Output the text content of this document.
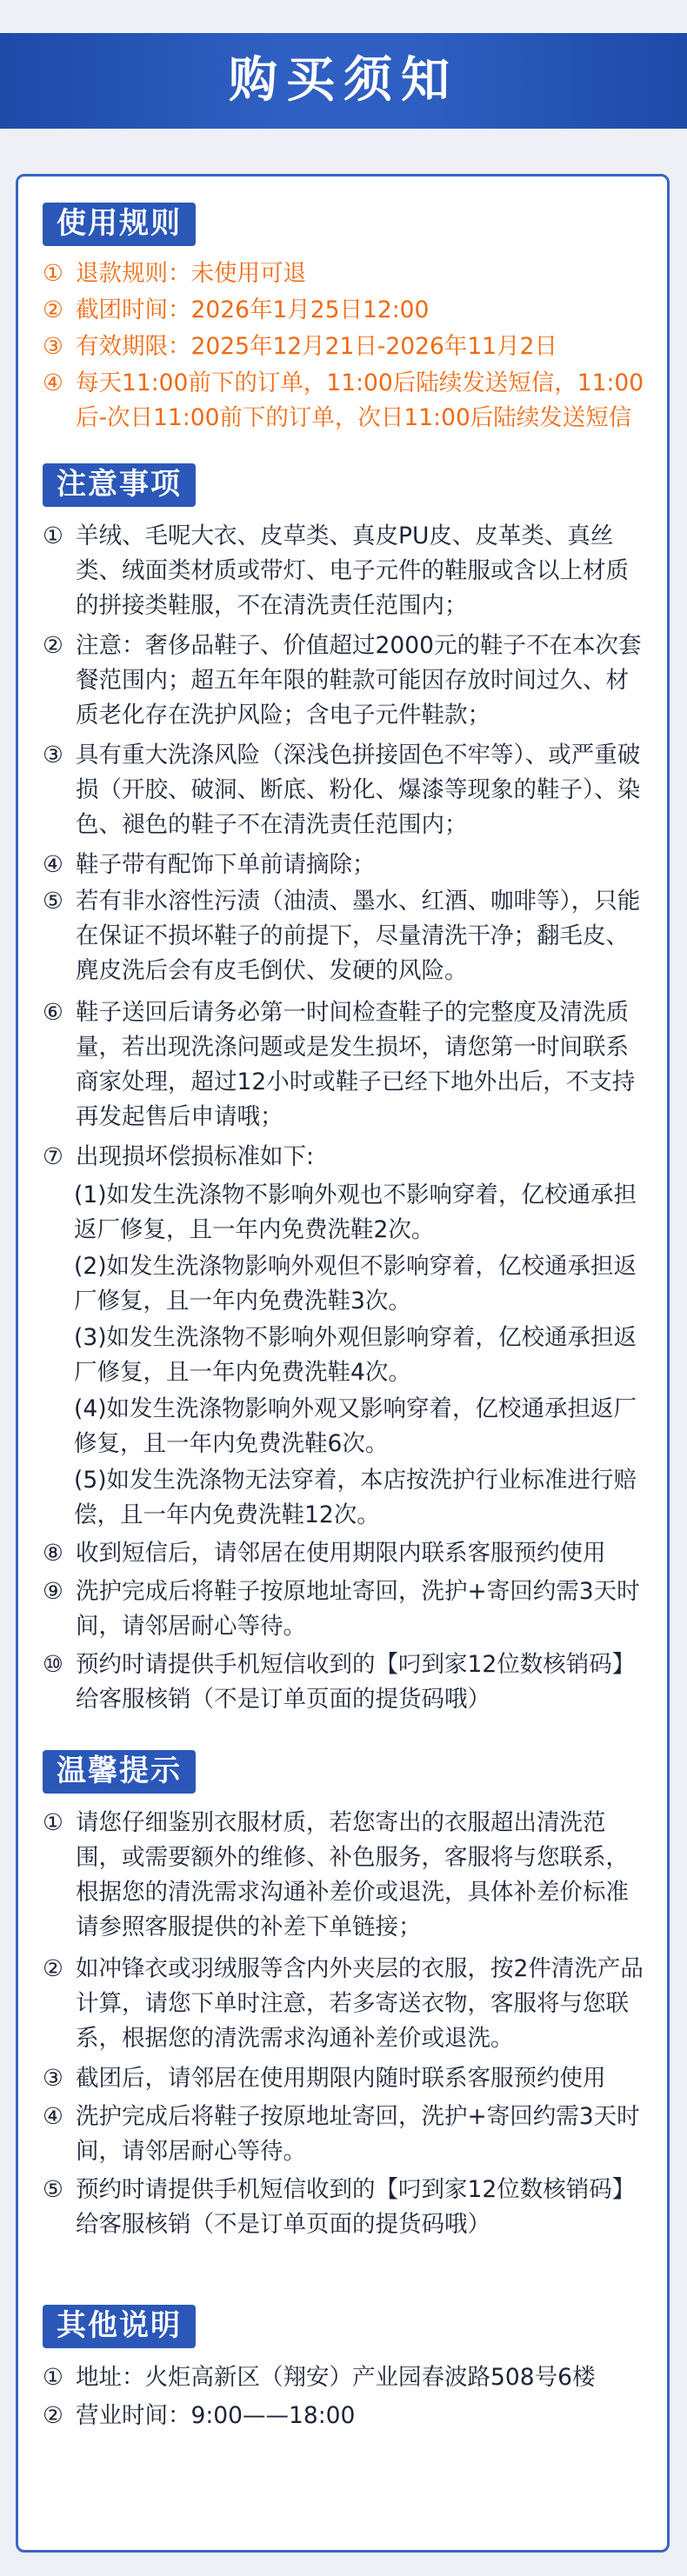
购买须知
使用规则
① 退款规则：未使用可退
② 截团时间：2026年1月25日12:00
③ 有效期限：2025年12月21日-2026年11月2日
④ 每天11:00前下的订单，11:00后陆续发送短信，11:00后-次日11:00前下的订单，次日11:00后陆续发送短信
注意事项
① 羊绒、毛呢大衣、皮草类、真皮PU皮、皮革类、真丝类、绒面类材质或带灯、电子元件的鞋服或含以上材质的拼接类鞋服，不在清洗责任范围内；
② 注意：奢侈品鞋子、价值超过2000元的鞋子不在本次套餐范围内；超五年年限的鞋款可能因存放时间过久、材质老化存在洗护风险；含电子元件鞋款；
③ 具有重大洗涤风险（深浅色拼接固色不牢等）、或严重破损（开胶、破洞、断底、粉化、爆漆等现象的鞋子）、染色、褪色的鞋子不在清洗责任范围内；
④ 鞋子带有配饰下单前请摘除；
⑤ 若有非水溶性污渍（油渍、墨水、红酒、咖啡等），只能在保证不损坏鞋子的前提下，尽量清洗干净；翻毛皮、麂皮洗后会有皮毛倒伏、发硬的风险。
⑥ 鞋子送回后请务必第一时间检查鞋子的完整度及清洗质量，若出现洗涤问题或是发生损坏，请您第一时间联系商家处理，超过12小时或鞋子已经下地外出后，不支持再发起售后申请哦；
⑦ 出现损坏偿损标准如下:
(1)如发生洗涤物不影响外观也不影响穿着，亿校通承担返厂修复，且一年内免费洗鞋2次。
(2)如发生洗涤物影响外观但不影响穿着，亿校通承担返厂修复，且一年内免费洗鞋3次。
(3)如发生洗涤物不影响外观但影响穿着，亿校通承担返厂修复，且一年内免费洗鞋4次。
(4)如发生洗涤物影响外观又影响穿着，亿校通承担返厂修复，且一年内免费洗鞋6次。
(5)如发生洗涤物无法穿着，本店按洗护行业标准进行赔偿，且一年内免费洗鞋12次。
⑧ 收到短信后，请邻居在使用期限内联系客服预约使用
⑨ 洗护完成后将鞋子按原地址寄回，洗护+寄回约需3天时间，请邻居耐心等待。
⑩ 预约时请提供手机短信收到的【叼到家12位数核销码】给客服核销（不是订单页面的提货码哦）
温馨提示
① 请您仔细鉴别衣服材质，若您寄出的衣服超出清洗范围，或需要额外的维修、补色服务，客服将与您联系，根据您的清洗需求沟通补差价或退洗，具体补差价标准请参照客服提供的补差下单链接；
② 如冲锋衣或羽绒服等含内外夹层的衣服，按2件清洗产品计算，请您下单时注意，若多寄送衣物，客服将与您联系，根据您的清洗需求沟通补差价或退洗。
③ 截团后，请邻居在使用期限内随时联系客服预约使用
④ 洗护完成后将鞋子按原地址寄回，洗护+寄回约需3天时间，请邻居耐心等待。
⑤ 预约时请提供手机短信收到的【叼到家12位数核销码】给客服核销（不是订单页面的提货码哦）
其他说明
① 地址：火炬高新区（翔安）产业园春波路508号6楼
② 营业时间：9:00——18:00
